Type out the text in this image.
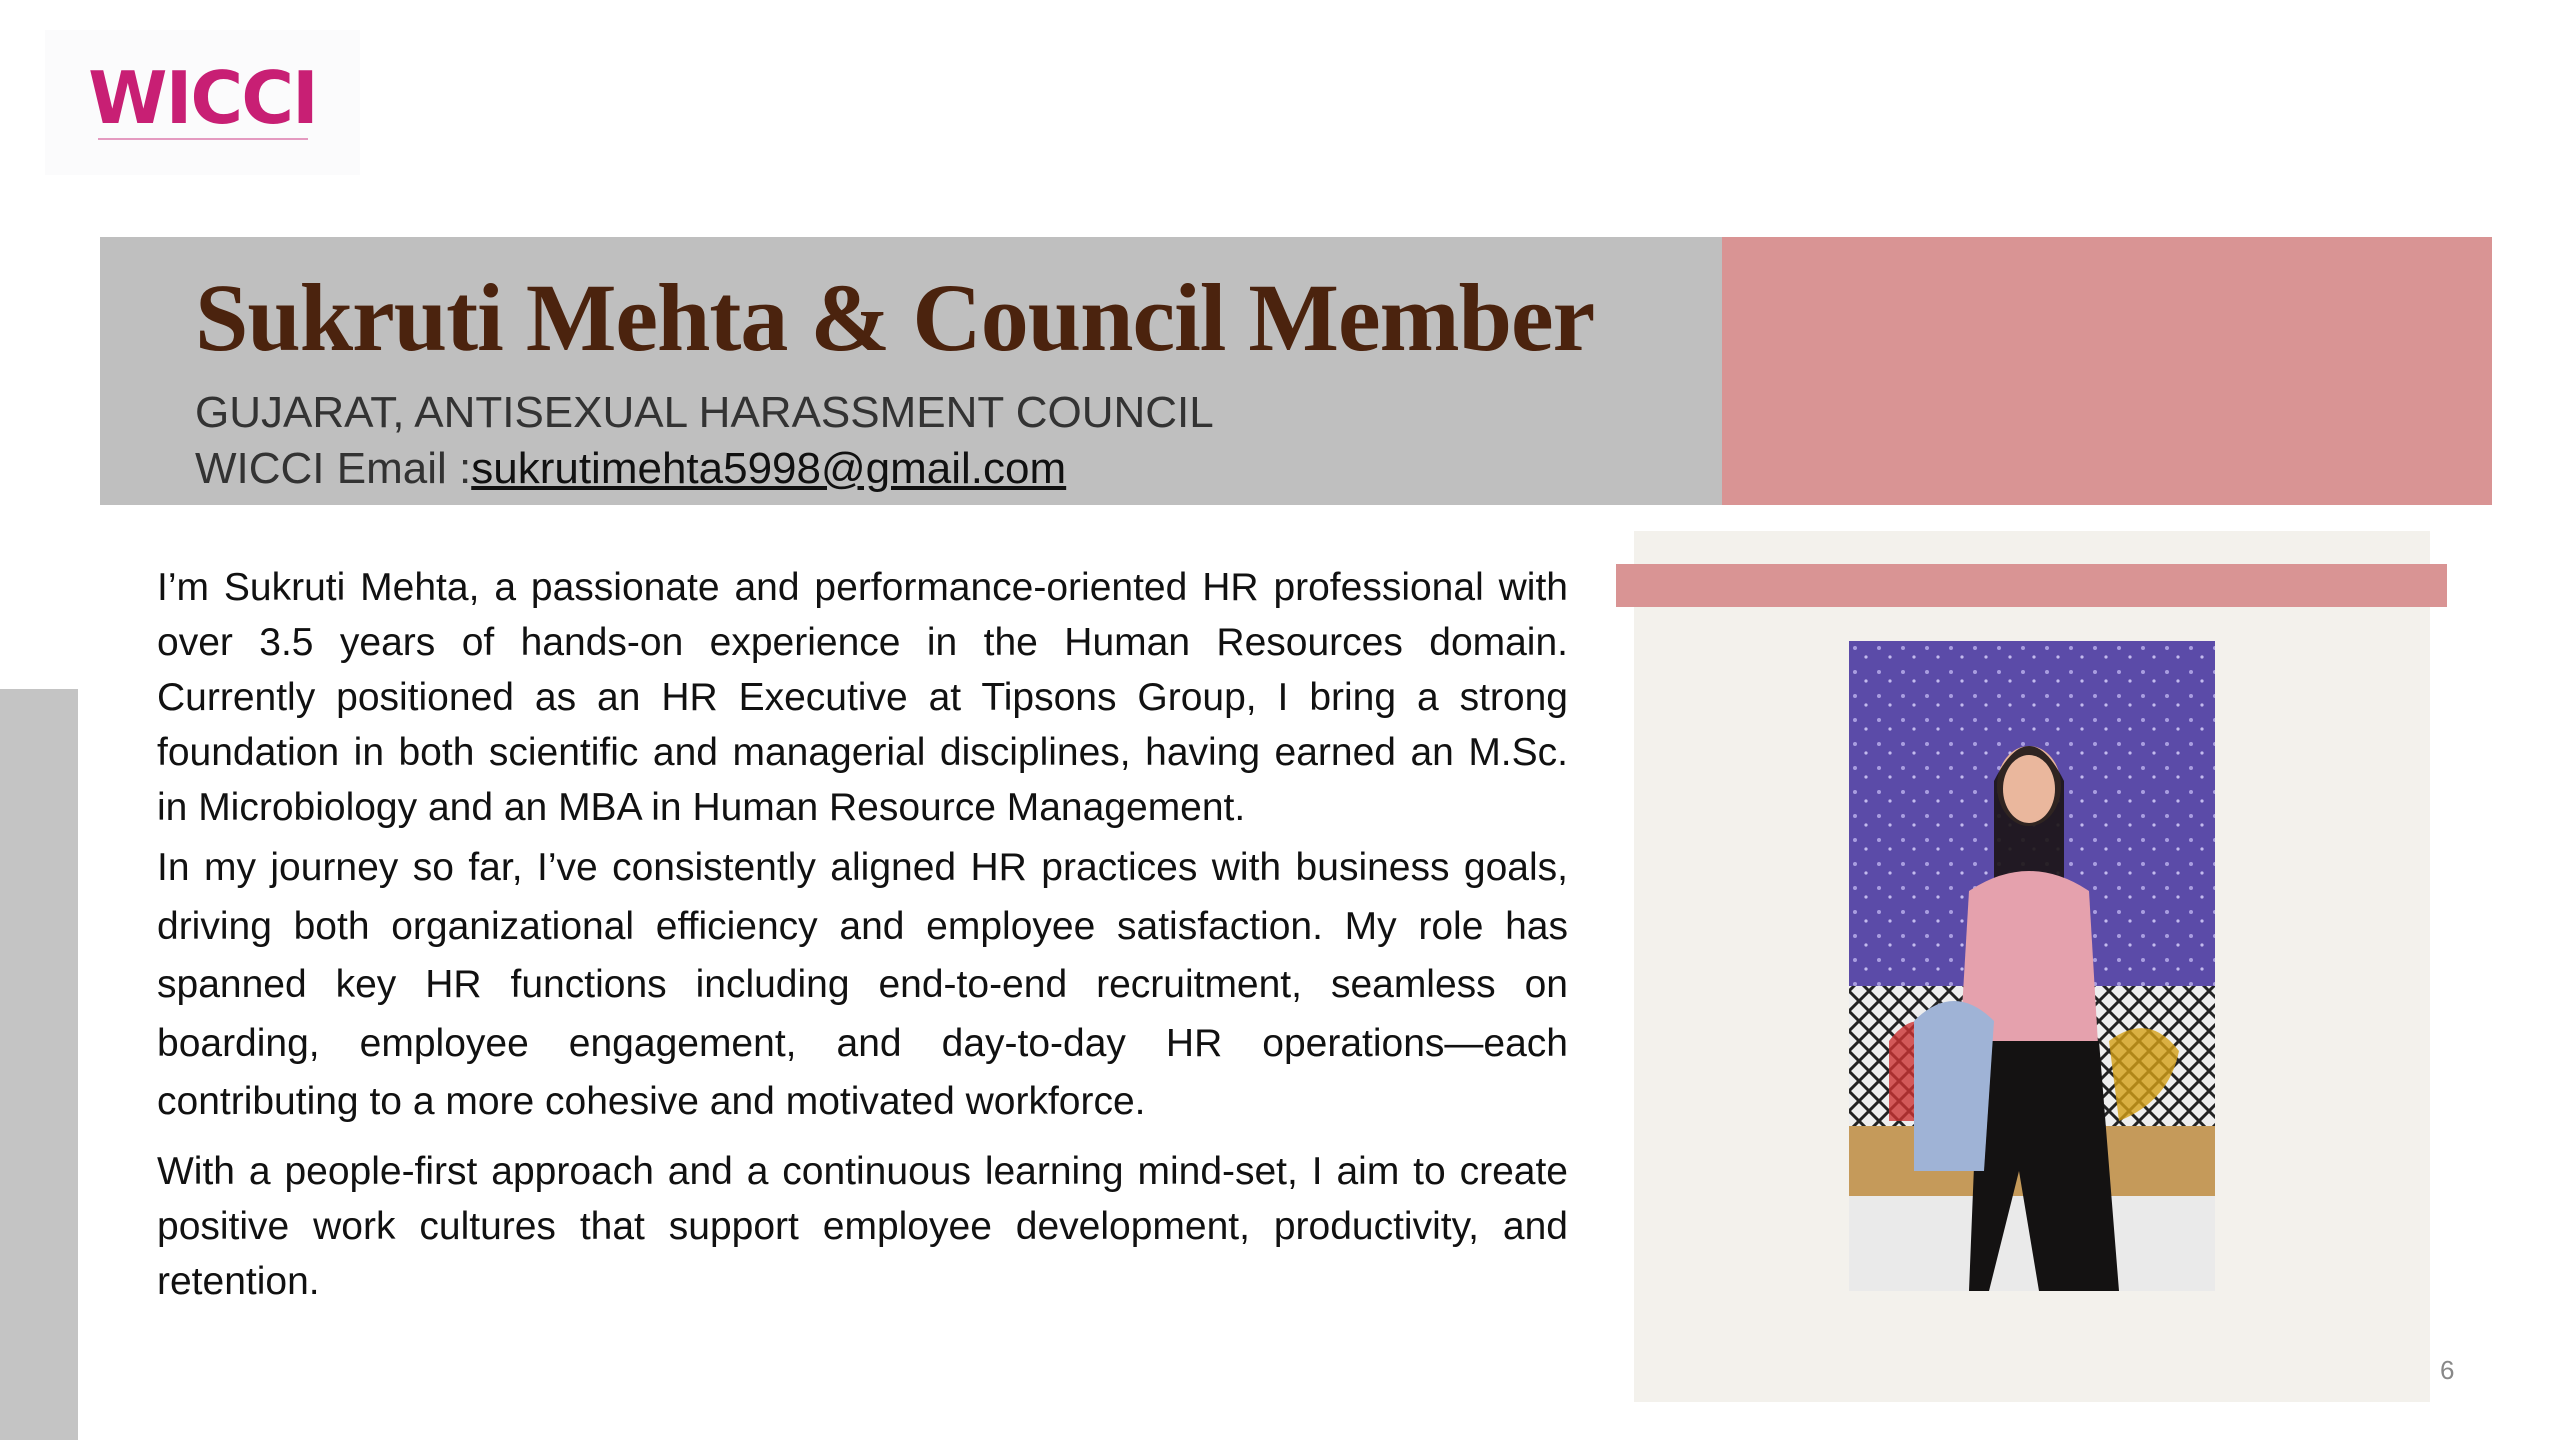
WICCI
Sukruti Mehta & Council Member
GUJARAT, ANTISEXUAL HARASSMENT COUNCIL
WICCI Email :sukrutimehta5998@gmail.com

I’m Sukruti Mehta, a passionate and performance-oriented HR professional with over 3.5 years of hands-on experience in the Human Resources domain. Currently positioned as an HR Executive at Tipsons Group, I bring a strong foundation in both scientific and managerial disciplines, having earned an M.Sc. in Microbiology and an MBA in Human Resource Management.

In my journey so far, I’ve consistently aligned HR practices with business goals, driving both organizational efficiency and employee satisfaction. My role has spanned key HR functions including end-to-end recruitment, seamless on boarding, employee engagement, and day-to-day HR operations—each contributing to a more cohesive and motivated workforce.

With a people-first approach and a continuous learning mind-set, I aim to create positive work cultures that support employee development, productivity, and retention.

6
